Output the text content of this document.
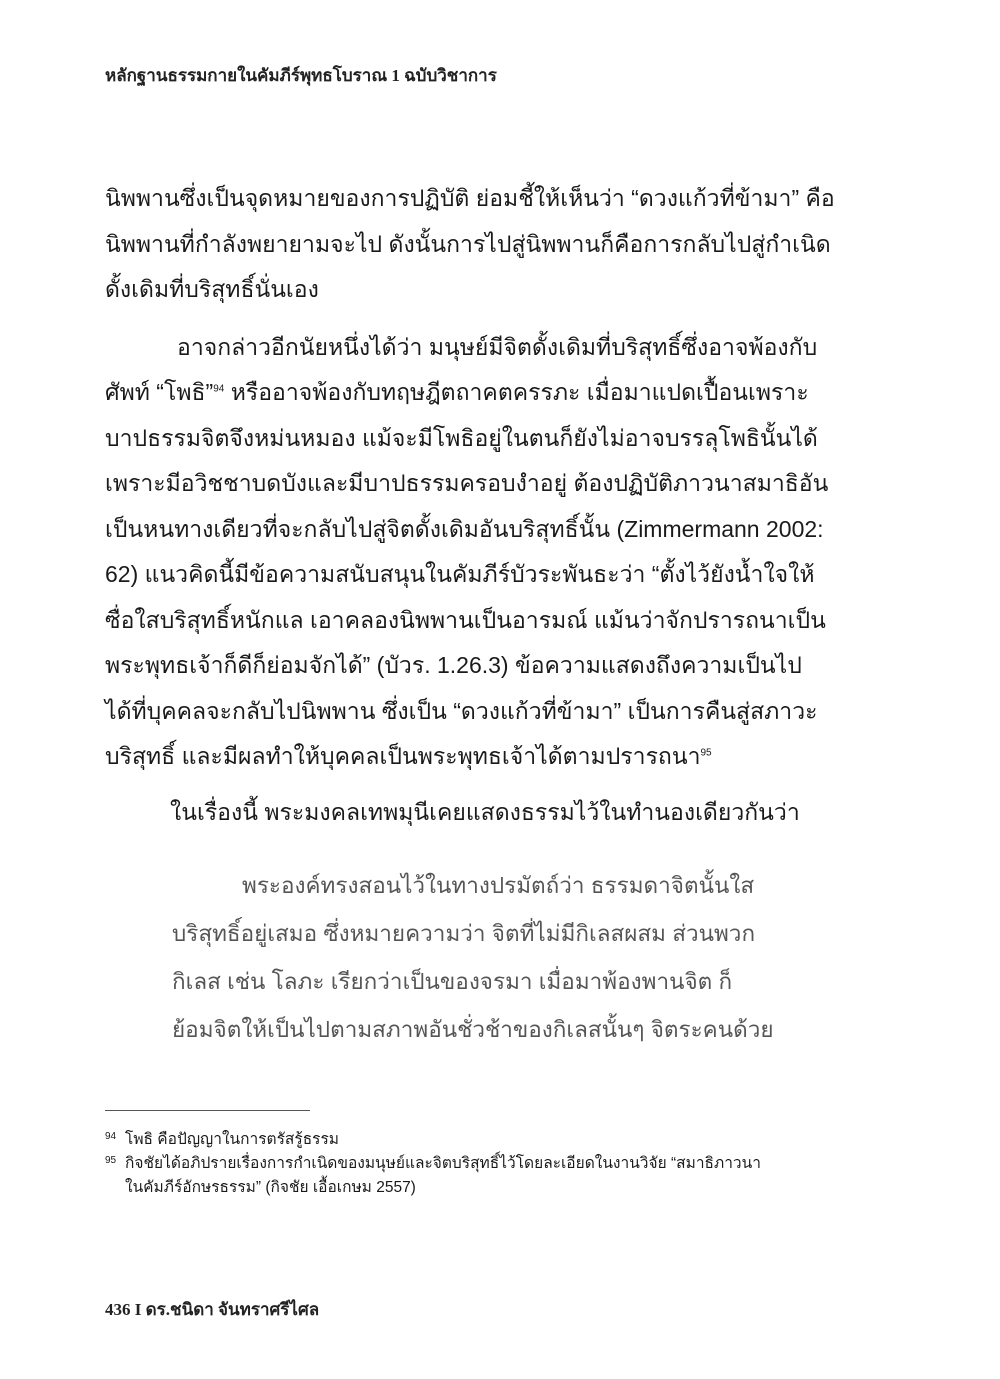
หลักฐานธรรมกายในคัมภีร์พุทธโบราณ 1 ฉบับวิชาการ
นิพพานซึ่งเป็นจุดหมายของการปฏิบัติ ย่อมชี้ให้เห็นว่า “ดวงแก้วที่ข้ามา” คือ
นิพพานที่กำลังพยายามจะไป ดังนั้นการไปสู่นิพพานก็คือการกลับไปสู่กำเนิด
ดั้งเดิมที่บริสุทธิ์นั่นเอง
อาจกล่าวอีกนัยหนึ่งได้ว่า มนุษย์มีจิตดั้งเดิมที่บริสุทธิ์ซึ่งอาจพ้องกับ
ศัพท์ “โพธิ”$^{94}$ หรืออาจพ้องกับทฤษฎีตถาคตครรภะ เมื่อมาแปดเปื้อนเพราะ
บาปธรรมจิตจึงหม่นหมอง แม้จะมีโพธิอยู่ในตนก็ยังไม่อาจบรรลุโพธินั้นได้
เพราะมีอวิชชาบดบังและมีบาปธรรมครอบงำอยู่ ต้องปฏิบัติภาวนาสมาธิอัน
เป็นหนทางเดียวที่จะกลับไปสู่จิตดั้งเดิมอันบริสุทธิ์นั้น (Zimmermann 2002:
62) แนวคิดนี้มีข้อความสนับสนุนในคัมภีร์บัวระพันธะว่า “ตั้งไว้ยังน้ำใจให้
ซื่อใสบริสุทธิ์หนักแล เอาคลองนิพพานเป็นอารมณ์ แม้นว่าจักปรารถนาเป็น
พระพุทธเจ้าก็ดีก็ย่อมจักได้” (บัวร. 1.26.3) ข้อความแสดงถึงความเป็นไป
ได้ที่บุคคลจะกลับไปนิพพาน ซึ่งเป็น “ดวงแก้วที่ข้ามา” เป็นการคืนสู่สภาวะ
บริสุทธิ์ และมีผลทำให้บุคคลเป็นพระพุทธเจ้าได้ตามปรารถนา$^{95}$
ในเรื่องนี้ พระมงคลเทพมุนีเคยแสดงธรรมไว้ในทำนองเดียวกันว่า
พระองค์ทรงสอนไว้ในทางปรมัตถ์ว่า ธรรมดาจิตนั้นใส
บริสุทธิ์อยู่เสมอ ซึ่งหมายความว่า จิตที่ไม่มีกิเลสผสม ส่วนพวก
กิเลส เช่น โลภะ เรียกว่าเป็นของจรมา เมื่อมาพ้องพานจิต ก็
ย้อมจิตให้เป็นไปตามสภาพอันชั่วช้าของกิเลสนั้นๆ จิตระคนด้วย
94 โพธิ คือปัญญาในการตรัสรู้ธรรม
95 กิจชัยได้อภิปรายเรื่องการกำเนิดของมนุษย์และจิตบริสุทธิ์ไว้โดยละเอียดในงานวิจัย “สมาธิภาวนา
ในคัมภีร์อักษรธรรม” (กิจชัย เอื้อเกษม 2557)
436 I ดร.ชนิดา จันทราศรีไศล
